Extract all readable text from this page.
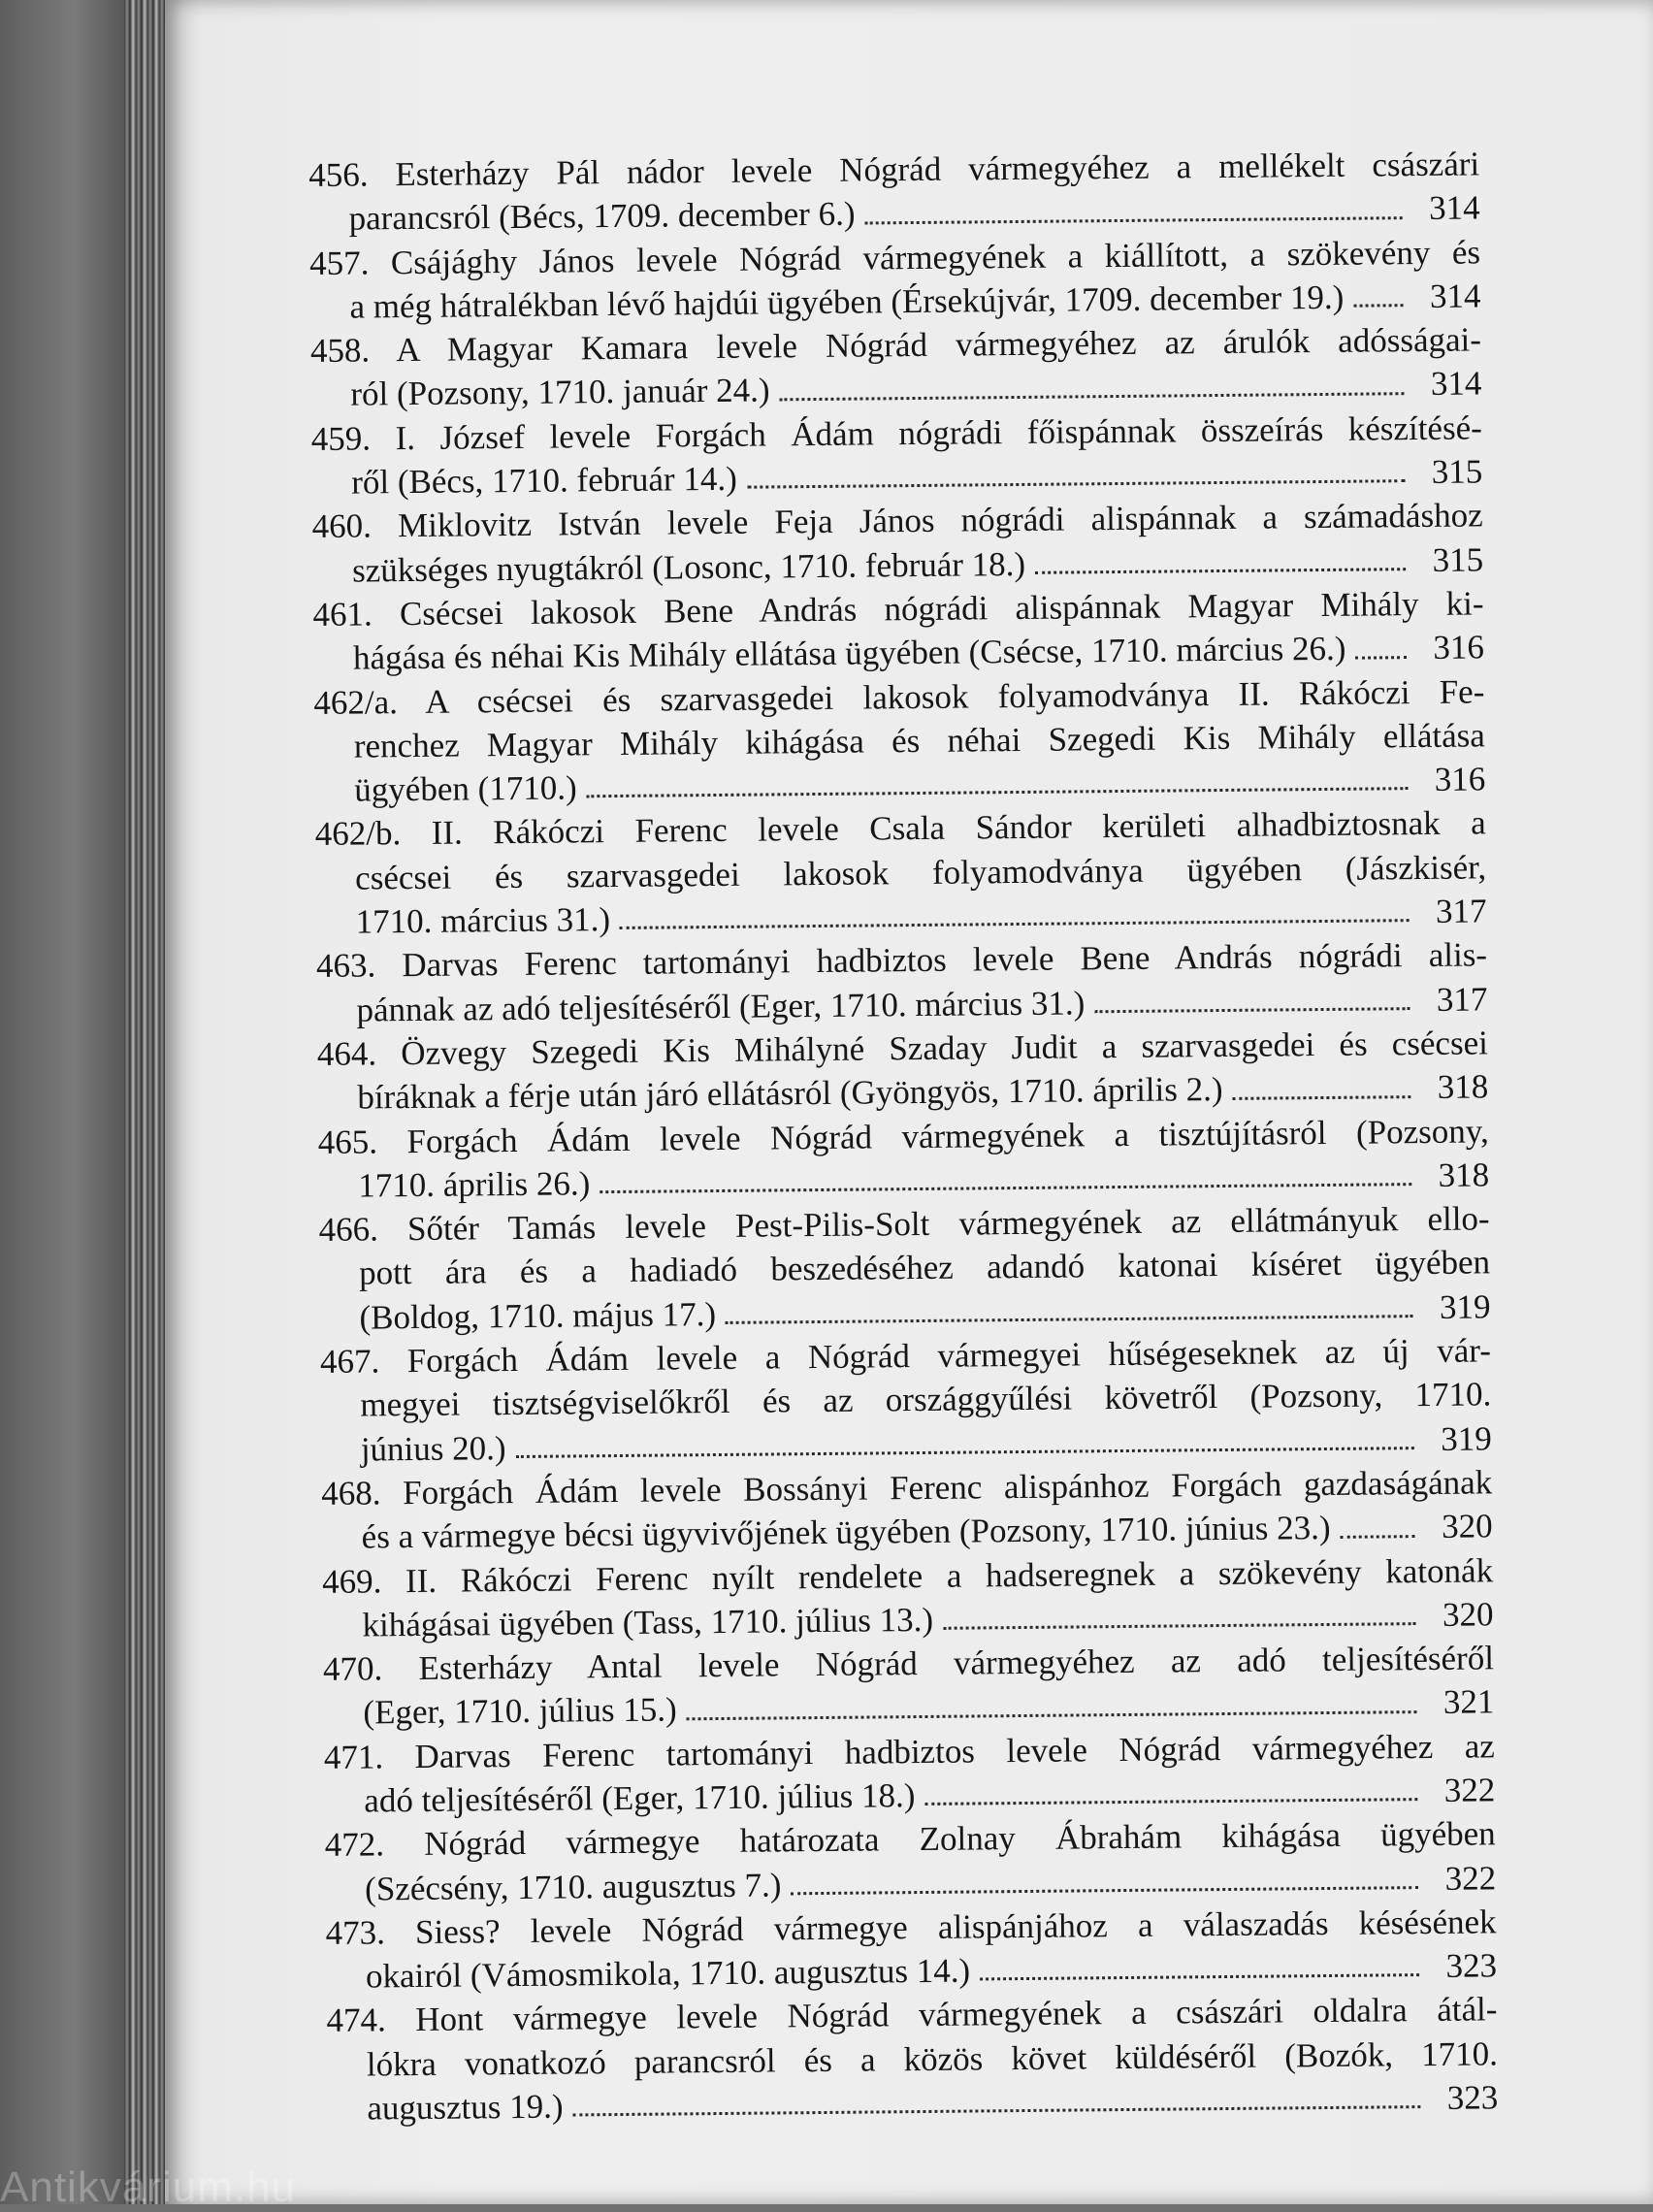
456. Esterházy Pál nádor levele Nógrád vármegyéhez a mellékelt császári
parancsról (Bécs, 1709. december 6.)	314
457. Csájághy János levele Nógrád vármegyének a kiállított, a szökevény és
a még hátralékban lévő hajdúi ügyében (Érsekújvár, 1709. december 19.)	314
458. A Magyar Kamara levele Nógrád vármegyéhez az árulók adósságai-
ról (Pozsony, 1710. január 24.)	314
459. I. József levele Forgách Ádám nógrádi főispánnak összeírás készítésé-
ről (Bécs, 1710. február 14.)	315
460. Miklovitz István levele Feja János nógrádi alispánnak a számadáshoz
szükséges nyugtákról (Losonc, 1710. február 18.)	315
461. Csécsei lakosok Bene András nógrádi alispánnak Magyar Mihály ki-
hágása és néhai Kis Mihály ellátása ügyében (Csécse, 1710. március 26.)	316
462/a. A csécsei és szarvasgedei lakosok folyamodványa II. Rákóczi Fe-
renchez Magyar Mihály kihágása és néhai Szegedi Kis Mihály ellátása
ügyében (1710.)	316
462/b. II. Rákóczi Ferenc levele Csala Sándor kerületi alhadbiztosnak a
csécsei és szarvasgedei lakosok folyamodványa ügyében (Jászkisér,
1710. március 31.)	317
463. Darvas Ferenc tartományi hadbiztos levele Bene András nógrádi alis-
pánnak az adó teljesítéséről (Eger, 1710. március 31.)	317
464. Özvegy Szegedi Kis Mihályné Szaday Judit a szarvasgedei és csécsei
bíráknak a férje után járó ellátásról (Gyöngyös, 1710. április 2.)	318
465. Forgách Ádám levele Nógrád vármegyének a tisztújításról (Pozsony,
1710. április 26.)	318
466. Sőtér Tamás levele Pest-Pilis-Solt vármegyének az ellátmányuk ello-
pott ára és a hadiadó beszedéséhez adandó katonai kíséret ügyében
(Boldog, 1710. május 17.)	319
467. Forgách Ádám levele a Nógrád vármegyei hűségeseknek az új vár-
megyei tisztségviselőkről és az országgyűlési követről (Pozsony, 1710.
június 20.)	319
468. Forgách Ádám levele Bossányi Ferenc alispánhoz Forgách gazdaságának
és a vármegye bécsi ügyvivőjének ügyében (Pozsony, 1710. június 23.)	320
469. II. Rákóczi Ferenc nyílt rendelete a hadseregnek a szökevény katonák
kihágásai ügyében (Tass, 1710. július 13.)	320
470. Esterházy Antal levele Nógrád vármegyéhez az adó teljesítéséről
(Eger, 1710. július 15.)	321
471. Darvas Ferenc tartományi hadbiztos levele Nógrád vármegyéhez az
adó teljesítéséről (Eger, 1710. július 18.)	322
472. Nógrád vármegye határozata Zolnay Ábrahám kihágása ügyében
(Szécsény, 1710. augusztus 7.)	322
473. Siess? levele Nógrád vármegye alispánjához a válaszadás késésének
okairól (Vámosmikola, 1710. augusztus 14.)	323
474. Hont vármegye levele Nógrád vármegyének a császári oldalra átál-
lókra vonatkozó parancsról és a közös követ küldéséről (Bozók, 1710.
augusztus 19.)	323
Antikvárium.hu
